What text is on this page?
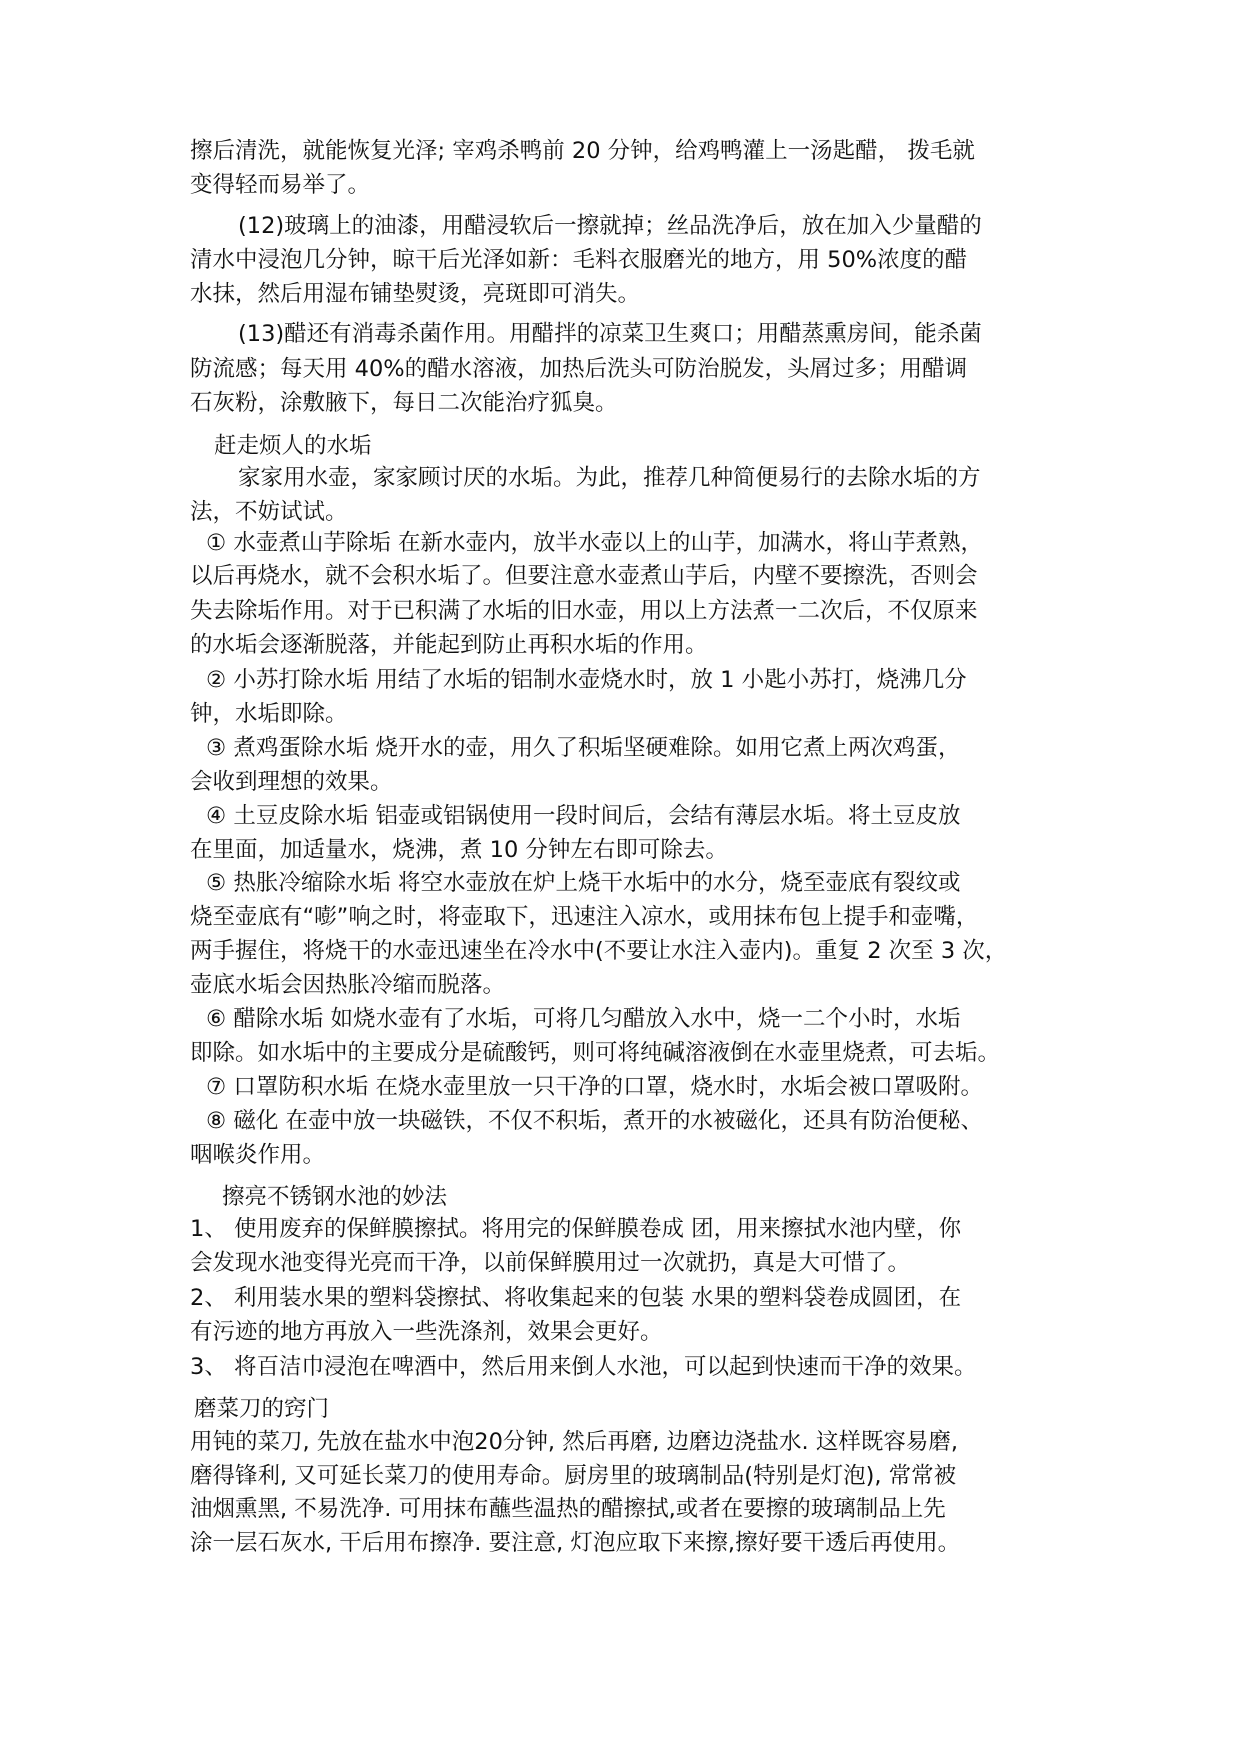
擦后清洗，就能恢复光泽; 宰鸡杀鸭前 20 分钟，给鸡鸭灌上一汤匙醋， 拨毛就
变得轻而易举了。
(12)玻璃上的油漆，用醋浸软后一擦就掉；丝品洗净后，放在加入少量醋的
清水中浸泡几分钟，晾干后光泽如新：毛料衣服磨光的地方，用 50%浓度的醋
水抹，然后用湿布铺垫熨烫，亮斑即可消失。
(13)醋还有消毒杀菌作用。用醋拌的凉菜卫生爽口；用醋蒸熏房间，能杀菌
防流感；每天用 40%的醋水溶液，加热后洗头可防治脱发，头屑过多；用醋调
石灰粉，涂敷腋下，每日二次能治疗狐臭。
赶走烦人的水垢
家家用水壶，家家顾讨厌的水垢。为此，推荐几种简便易行的去除水垢的方
法，不妨试试。
① 水壶煮山芋除垢 在新水壶内，放半水壶以上的山芋，加满水，将山芋煮熟，
以后再烧水，就不会积水垢了。但要注意水壶煮山芋后，内壁不要擦洗，否则会
失去除垢作用。对于已积满了水垢的旧水壶，用以上方法煮一二次后，不仅原来
的水垢会逐渐脱落，并能起到防止再积水垢的作用。
② 小苏打除水垢 用结了水垢的铝制水壶烧水时，放 1 小匙小苏打，烧沸几分
钟，水垢即除。
③ 煮鸡蛋除水垢 烧开水的壶，用久了积垢坚硬难除。如用它煮上两次鸡蛋，
会收到理想的效果。
④ 土豆皮除水垢 铝壶或铝锅使用一段时间后，会结有薄层水垢。将土豆皮放
在里面，加适量水，烧沸，煮 10 分钟左右即可除去。
⑤ 热胀冷缩除水垢 将空水壶放在炉上烧干水垢中的水分，烧至壶底有裂纹或
烧至壶底有“嘭”响之时，将壶取下，迅速注入凉水，或用抹布包上提手和壶嘴，
两手握住，将烧干的水壶迅速坐在冷水中(不要让水注入壶内)。重复 2 次至 3 次，
壶底水垢会因热胀冷缩而脱落。
⑥ 醋除水垢 如烧水壶有了水垢，可将几匀醋放入水中，烧一二个小时，水垢
即除。如水垢中的主要成分是硫酸钙，则可将纯碱溶液倒在水壶里烧煮，可去垢。
⑦ 口罩防积水垢 在烧水壶里放一只干净的口罩，烧水时，水垢会被口罩吸附。
⑧ 磁化 在壶中放一块磁铁，不仅不积垢，煮开的水被磁化，还具有防治便秘、
咽喉炎作用。
擦亮不锈钢水池的妙法
1、 使用废弃的保鲜膜擦拭。将用完的保鲜膜卷成 团，用来擦拭水池内壁，你
会发现水池变得光亮而干净，以前保鲜膜用过一次就扔，真是大可惜了。
2、 利用装水果的塑料袋擦拭、将收集起来的包装 水果的塑料袋卷成圆团，在
有污迹的地方再放入一些洗涤剂，效果会更好。
3、 将百洁巾浸泡在啤酒中，然后用来倒人水池，可以起到快速而干净的效果。
磨菜刀的窍门
用钝的菜刀, 先放在盐水中泡20分钟, 然后再磨, 边磨边浇盐水. 这样既容易磨,
磨得锋利, 又可延长菜刀的使用寿命。厨房里的玻璃制品(特别是灯泡), 常常被
油烟熏黑, 不易洗净. 可用抹布蘸些温热的醋擦拭,或者在要擦的玻璃制品上先
涂一层石灰水, 干后用布擦净. 要注意, 灯泡应取下来擦,擦好要干透后再使用。
